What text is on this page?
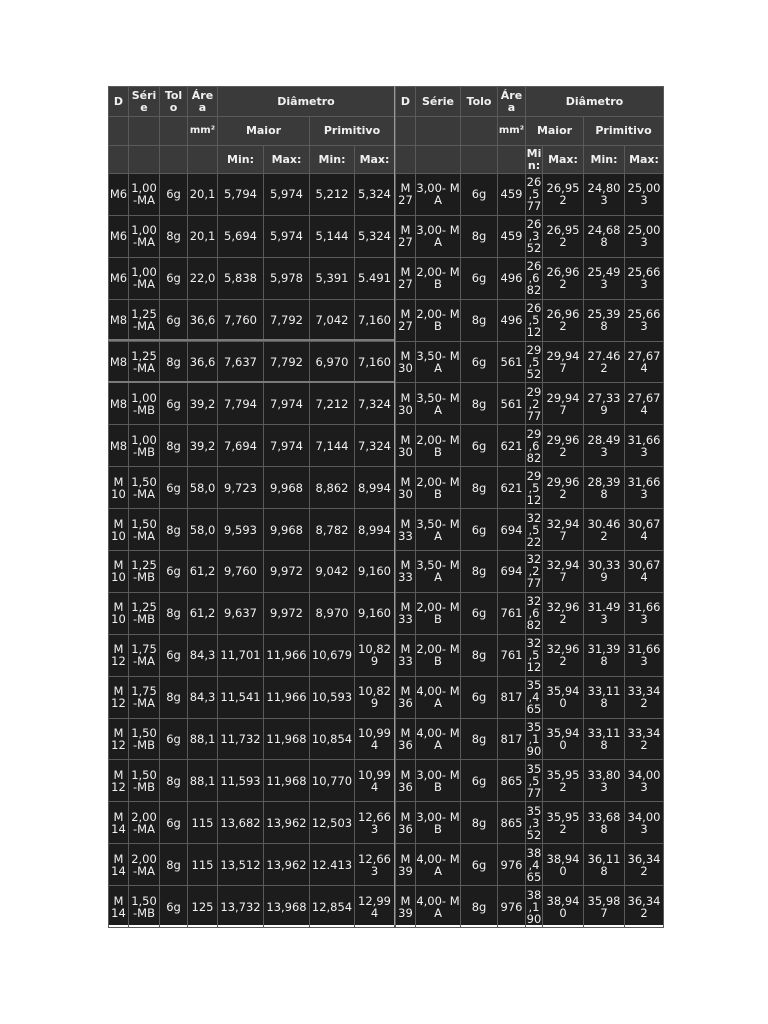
D	Séri e	Tol o	Áre a	Diâmetro			
			mm²	Maior		Primitivo	
				Min:	Max:	Min:	Max:
M6	1,00 -MA	6g	20,1	5,794	5,974	5,212	5,324
M6	1,00 -MA	8g	20,1	5,694	5,974	5,144	5,324
M6	1,00 -MA	6g	22,0	5,838	5,978	5,391	5.491
M8	1,25 -MA	6g	36,6	7,760	7,792	7,042	7,160
M8	1,25 -MA	8g	36,6	7,637	7,792	6,970	7,160
M8	1,00 -MB	6g	39,2	7,794	7,974	7,212	7,324
M8	1,00 -MB	8g	39,2	7,694	7,974	7,144	7,324
M 10	1,50 -MA	6g	58,0	9,723	9,968	8,862	8,994
M 10	1,50 -MA	8g	58,0	9,593	9,968	8,782	8,994
M 10	1,25 -MB	6g	61,2	9,760	9,972	9,042	9,160
M 10	1,25 -MB	8g	61,2	9,637	9,972	8,970	9,160
M 12	1,75 -MA	6g	84,3	11,701	11,966	10,679	10,82 9
M 12	1,75 -MA	8g	84,3	11,541	11,966	10,593	10,82 9
M 12	1,50 -MB	6g	88,1	11,732	11,968	10,854	10,99 4
M 12	1,50 -MB	8g	88,1	11,593	11,968	10,770	10,99 4
M 14	2,00 -MA	6g	115	13,682	13,962	12,503	12,66 3
M 14	2,00 -MA	8g	115	13,512	13,962	12.413	12,66 3
M 14	1,50 -MB	6g	125	13,732	13,968	12,854	12,99 4
D	Série	Tolo	Áre a	Diâmetro			
			mm²	Maior		Primitivo	
				Mi n:	Max:	Min:	Max:
M 27	3,00- MA	6g	459	26 ,5 77	26,95 2	24,80 3	25,00 3
M 27	3,00- MA	8g	459	26 ,3 52	26,95 2	24,68 8	25,00 3
M 27	2,00- MB	6g	496	26 ,6 82	26,96 2	25,49 3	25,66 3
M 27	2,00- MB	8g	496	26 ,5 12	26,96 2	25,39 8	25,66 3
M 30	3,50- MA	6g	561	29 ,5 52	29,94 7	27.46 2	27,67 4
M 30	3,50- MA	8g	561	29 ,2 77	29,94 7	27,33 9	27,67 4
M 30	2,00- MB	6g	621	29 ,6 82	29,96 2	28.49 3	31,66 3
M 30	2,00- MB	8g	621	29 ,5 12	29,96 2	28,39 8	31,66 3
M 33	3,50- MA	6g	694	32 ,5 22	32,94 7	30.46 2	30,67 4
M 33	3,50- MA	8g	694	32 ,2 77	32,94 7	30,33 9	30,67 4
M 33	2,00- MB	6g	761	32 ,6 82	32,96 2	31.49 3	31,66 3
M 33	2,00- MB	8g	761	32 ,5 12	32,96 2	31,39 8	31,66 3
M 36	4,00- MA	6g	817	35 ,4 65	35,94 0	33,11 8	33,34 2
M 36	4,00- MA	8g	817	35 ,1 90	35,94 0	33,11 8	33,34 2
M 36	3,00- MB	6g	865	35 ,5 77	35,95 2	33,80 3	34,00 3
M 36	3,00- MB	8g	865	35 ,3 52	35,95 2	33,68 8	34,00 3
M 39	4,00- MA	6g	976	38 ,4 65	38,94 0	36,11 8	36,34 2
M 39	4,00- MA	8g	976	38 ,1 90	38,94 0	35,98 7	36,34 2
